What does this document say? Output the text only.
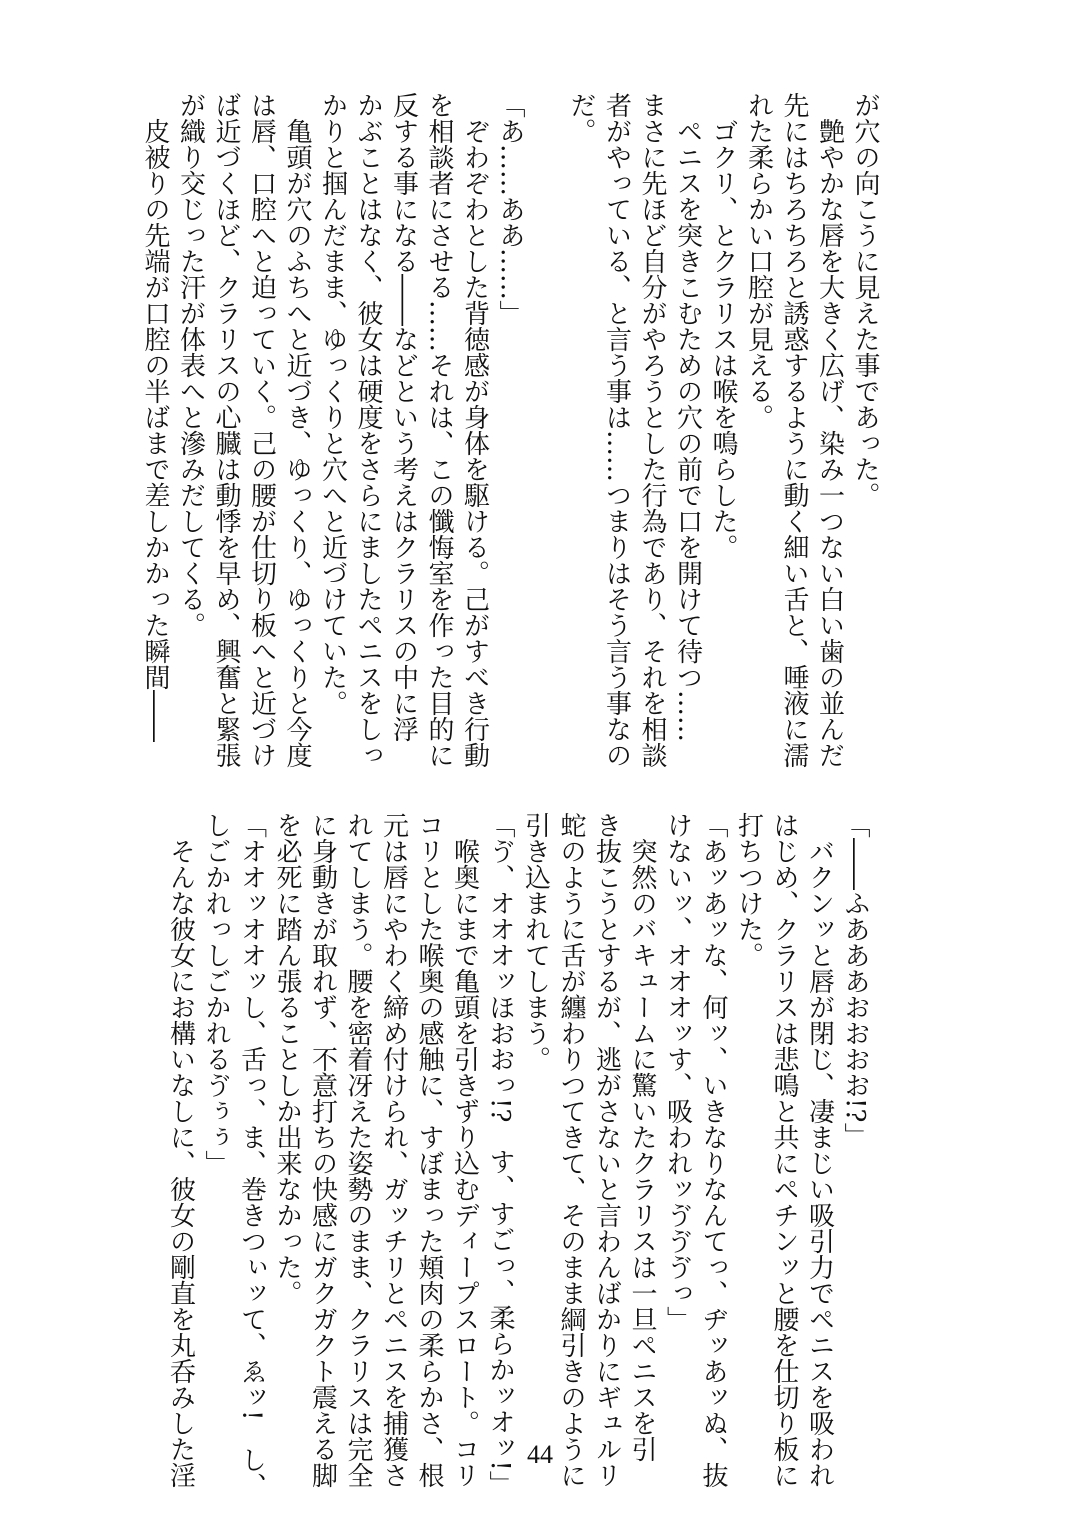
が穴の向こうに見えた事であった。

　艶やかな唇を大きく広げ、染み一つない白い歯の並んだ

先にはちろちろと誘惑するように動く細い舌と、唾液に濡

れた柔らかい口腔が見える。

　ゴクリ、とクラリスは喉を鳴らした。

　ペニスを突きこむための穴の前で口を開けて待つ……

まさに先ほど自分がやろうとした行為であり、それを相談

者がやっている、と言う事は……つまりはそう言う事なの

だ。

「あ……ああ……」

　ぞわぞわとした背徳感が身体を駆ける。己がすべき行動

を相談者にさせる……それは、この懺悔室を作った目的に

反する事になる――などという考えはクラリスの中に浮

かぶことはなく、彼女は硬度をさらにましたペニスをしっ

かりと掴んだまま、ゆっくりと穴へと近づけていた。

　亀頭が穴のふちへと近づき、ゆっくり、ゆっくりと今度

は唇、口腔へと迫っていく。己の腰が仕切り板へと近づけ

ば近づくほど、クラリスの心臓は動悸を早め、興奮と緊張

が織り交じった汗が体表へと滲みだしてくる。

　皮被りの先端が口腔の半ばまで差しかかった瞬間――

「――ふあああおおおお!?」

　バクンッと唇が閉じ、凄まじい吸引力でペニスを吸われ

はじめ、クラリスは悲鳴と共にペチンッと腰を仕切り板に

打ちつけた。

「あッあッな、何ッ、いきなりなんてっ、ヂッあッぬ、抜

けないッ、オオオッす、吸われッゔゔゔっ」

　突然のバキュームに驚いたクラリスは一旦ペニスを引

き抜こうとするが、逃がさないと言わんばかりにギュルリ

蛇のように舌が纏わりつてきて、そのまま綱引きのように

引き込まれてしまう。

「ゔ、オオオッほおおっ!?　す、すごっ、柔らかッオッ!」

　喉奥にまで亀頭を引きずり込むディープスロート。コリ

コリとした喉奥の感触に、すぼまった頬肉の柔らかさ、根

元は唇にやわく締め付けられ、ガッチリとペニスを捕獲さ

れてしまう。腰を密着冴えた姿勢のまま、クラリスは完全

に身動きが取れず、不意打ちの快感にガクガクト震える脚

を必死に踏ん張ることしか出来なかった。

「オオッオオッし、舌っ、ま、巻きつぃッて、ゑッ!　し、

しごかれっしごかれるゔぅぅ」

　そんな彼女にお構いなしに、彼女の剛直を丸呑みした淫	44
